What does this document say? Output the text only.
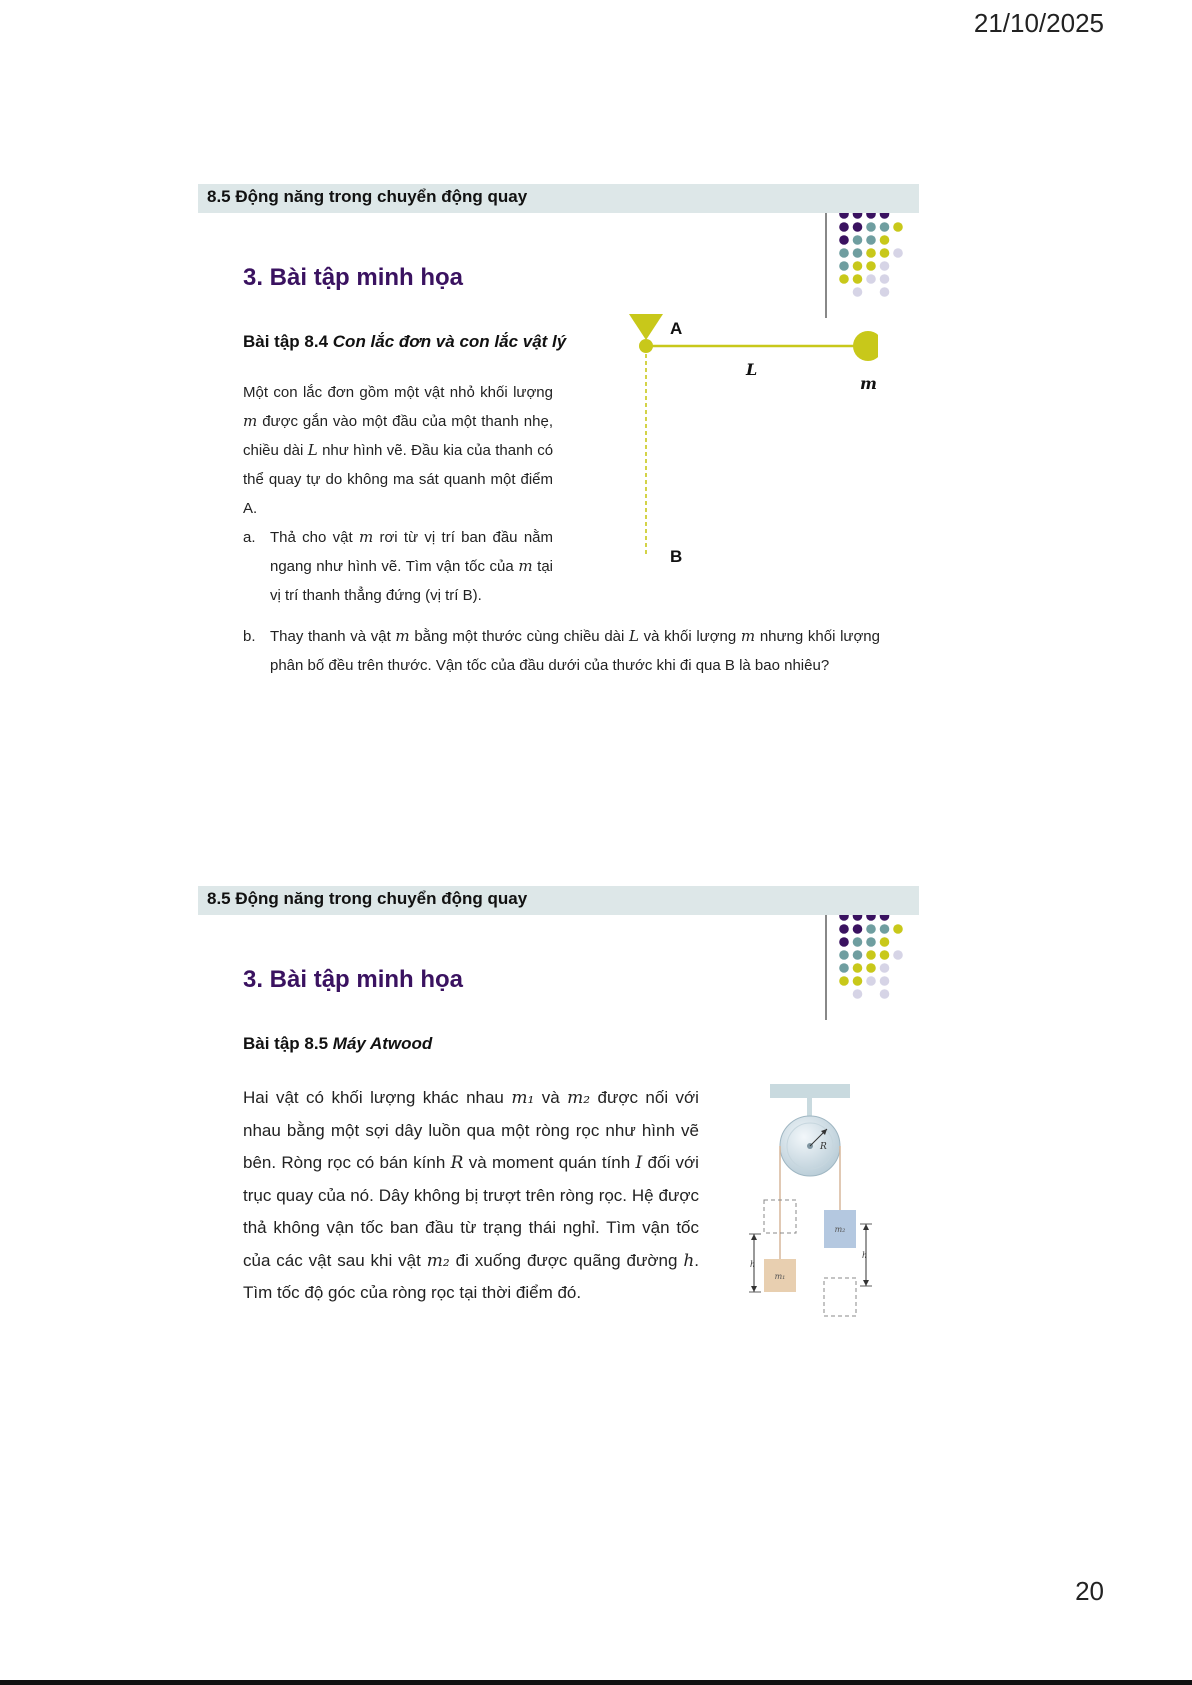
21/10/2025
8.5 Động năng trong chuyển động quay
3. Bài tập minh họa
Bài tập 8.4 Con lắc đơn và con lắc vật lý
Một con lắc đơn gồm một vật nhỏ khối lượng m được gắn vào một đầu của một thanh nhẹ, chiều dài L như hình vẽ. Đầu kia của thanh có thể quay tự do không ma sát quanh một điểm A.
a. Thả cho vật m rơi từ vị trí ban đầu nằm ngang như hình vẽ. Tìm vận tốc của m tại vị trí thanh thẳng đứng (vị trí B).
b. Thay thanh và vật m bằng một thước cùng chiều dài L và khối lượng m nhưng khối lượng phân bố đều trên thước. Vận tốc của đầu dưới của thước khi đi qua B là bao nhiêu?
A
B
L
m
8.5 Động năng trong chuyển động quay
3. Bài tập minh họa
Bài tập 8.5 Máy Atwood
Hai vật có khối lượng khác nhau m₁ và m₂ được nối với nhau bằng một sợi dây luồn qua một ròng rọc như hình vẽ bên. Ròng rọc có bán kính R và moment quán tính I đối với trục quay của nó. Dây không bị trượt trên ròng rọc. Hệ được thả không vận tốc ban đầu từ trạng thái nghỉ. Tìm vận tốc của các vật sau khi vật m₂ đi xuống được quãng đường h. Tìm tốc độ góc của ròng rọc tại thời điểm đó.
R
m₁
m₂
h
h
20
